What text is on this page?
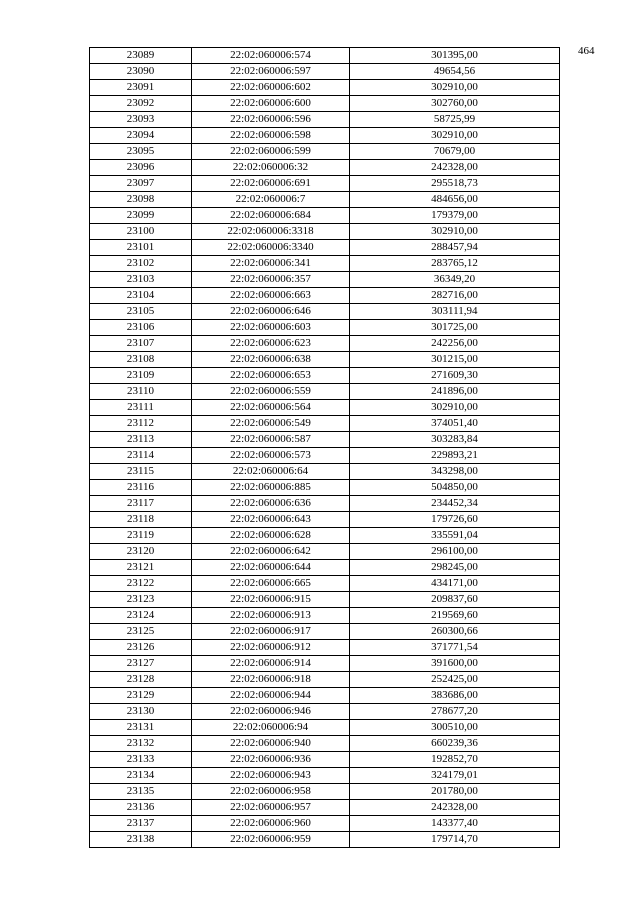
464
23089	22:02:060006:574	301395,00
23090	22:02:060006:597	49654,56
23091	22:02:060006:602	302910,00
23092	22:02:060006:600	302760,00
23093	22:02:060006:596	58725,99
23094	22:02:060006:598	302910,00
23095	22:02:060006:599	70679,00
23096	22:02:060006:32	242328,00
23097	22:02:060006:691	295518,73
23098	22:02:060006:7	484656,00
23099	22:02:060006:684	179379,00
23100	22:02:060006:3318	302910,00
23101	22:02:060006:3340	288457,94
23102	22:02:060006:341	283765,12
23103	22:02:060006:357	36349,20
23104	22:02:060006:663	282716,00
23105	22:02:060006:646	303111,94
23106	22:02:060006:603	301725,00
23107	22:02:060006:623	242256,00
23108	22:02:060006:638	301215,00
23109	22:02:060006:653	271609,30
23110	22:02:060006:559	241896,00
23111	22:02:060006:564	302910,00
23112	22:02:060006:549	374051,40
23113	22:02:060006:587	303283,84
23114	22:02:060006:573	229893,21
23115	22:02:060006:64	343298,00
23116	22:02:060006:885	504850,00
23117	22:02:060006:636	234452,34
23118	22:02:060006:643	179726,60
23119	22:02:060006:628	335591,04
23120	22:02:060006:642	296100,00
23121	22:02:060006:644	298245,00
23122	22:02:060006:665	434171,00
23123	22:02:060006:915	209837,60
23124	22:02:060006:913	219569,60
23125	22:02:060006:917	260300,66
23126	22:02:060006:912	371771,54
23127	22:02:060006:914	391600,00
23128	22:02:060006:918	252425,00
23129	22:02:060006:944	383686,00
23130	22:02:060006:946	278677,20
23131	22:02:060006:94	300510,00
23132	22:02:060006:940	660239,36
23133	22:02:060006:936	192852,70
23134	22:02:060006:943	324179,01
23135	22:02:060006:958	201780,00
23136	22:02:060006:957	242328,00
23137	22:02:060006:960	143377,40
23138	22:02:060006:959	179714,70
